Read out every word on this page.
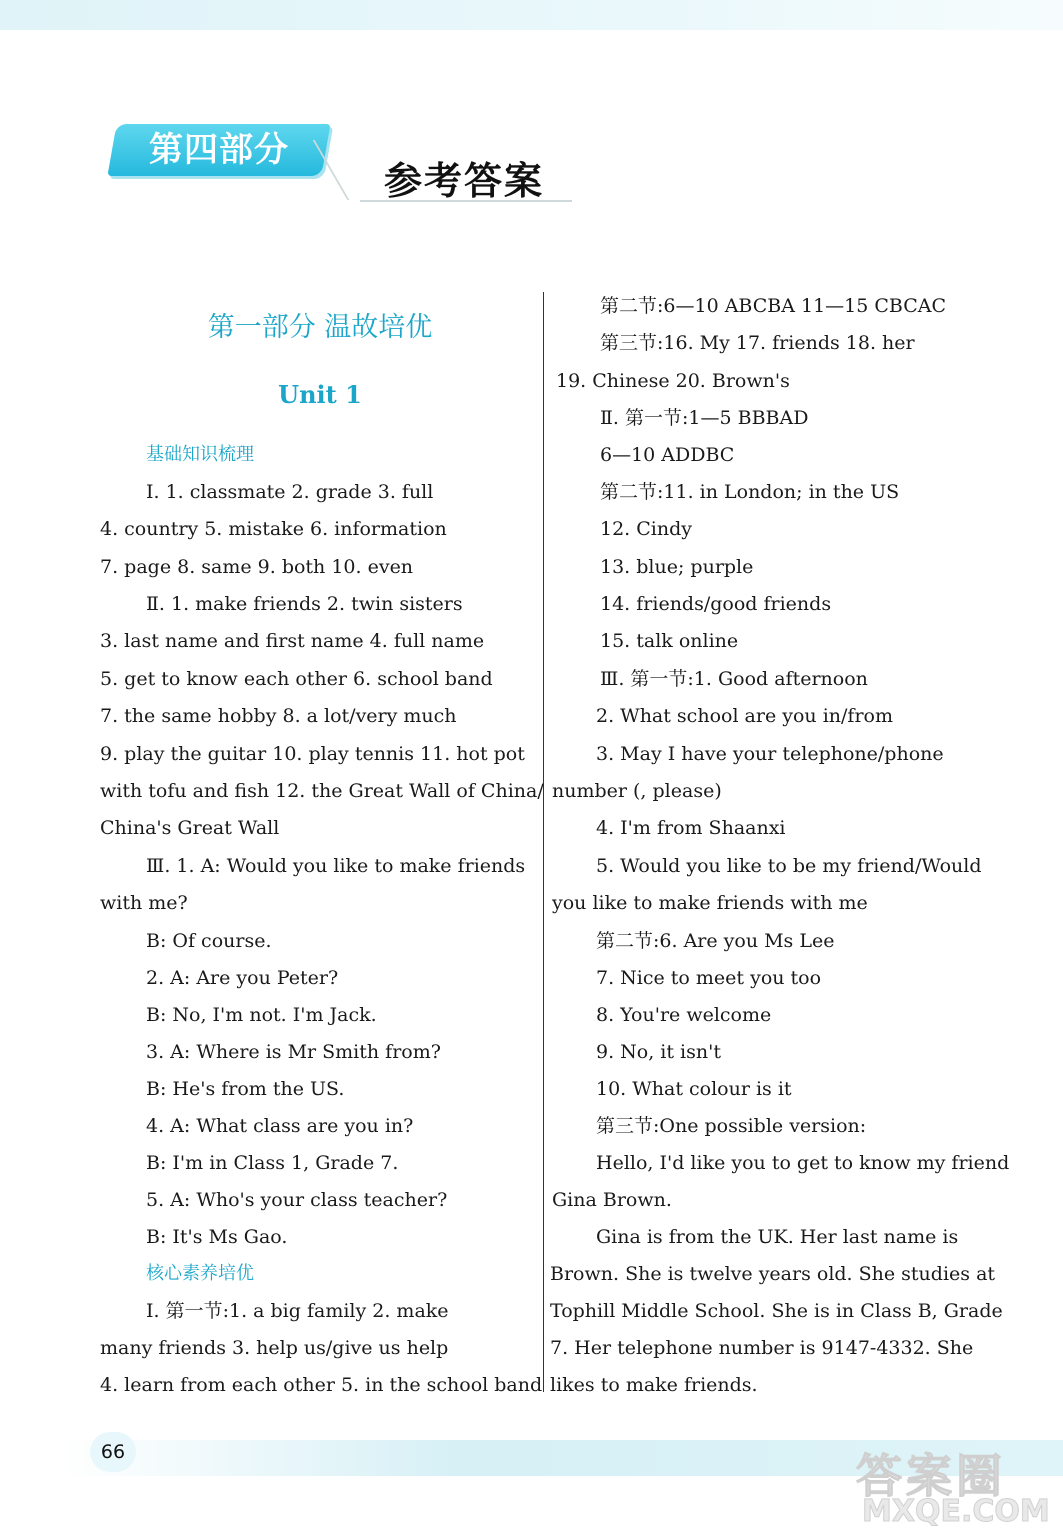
第四部分
参考答案
第一部分 温故培优
Unit 1
基础知识梳理
Ⅰ. 1. classmate 2. grade 3. full
4. country 5. mistake 6. information
7. page 8. same 9. both 10. even
Ⅱ. 1. make friends 2. twin sisters
3. last name and first name 4. full name
5. get to know each other 6. school band
7. the same hobby 8. a lot/very much
9. play the guitar 10. play tennis 11. hot pot
with tofu and fish 12. the Great Wall of China/
China's Great Wall
Ⅲ. 1. A: Would you like to make friends
with me?
B: Of course.
2. A: Are you Peter?
B: No, I'm not. I'm Jack.
3. A: Where is Mr Smith from?
B: He's from the US.
4. A: What class are you in?
B: I'm in Class 1, Grade 7.
5. A: Who's your class teacher?
B: It's Ms Gao.
核心素养培优
Ⅰ. 第一节:1. a big family 2. make
many friends 3. help us/give us help
4. learn from each other 5. in the school band
第二节:6—10 ABCBA 11—15 CBCAC
第三节:16. My 17. friends 18. her
19. Chinese 20. Brown's
Ⅱ. 第一节:1—5 BBBAD
6—10 ADDBC
第二节:11. in London; in the US
12. Cindy
13. blue; purple
14. friends/good friends
15. talk online
Ⅲ. 第一节:1. Good afternoon
2. What school are you in/from
3. May I have your telephone/phone
number (, please)
4. I'm from Shaanxi
5. Would you like to be my friend/Would
you like to make friends with me
第二节:6. Are you Ms Lee
7. Nice to meet you too
8. You're welcome
9. No, it isn't
10. What colour is it
第三节:One possible version:
Hello, I'd like you to get to know my friend
Gina Brown.
Gina is from the UK. Her last name is
Brown. She is twelve years old. She studies at
Tophill Middle School. She is in Class B, Grade
7. Her telephone number is 9147-4332. She
likes to make friends.
66	答案圈
MXQE.COM
